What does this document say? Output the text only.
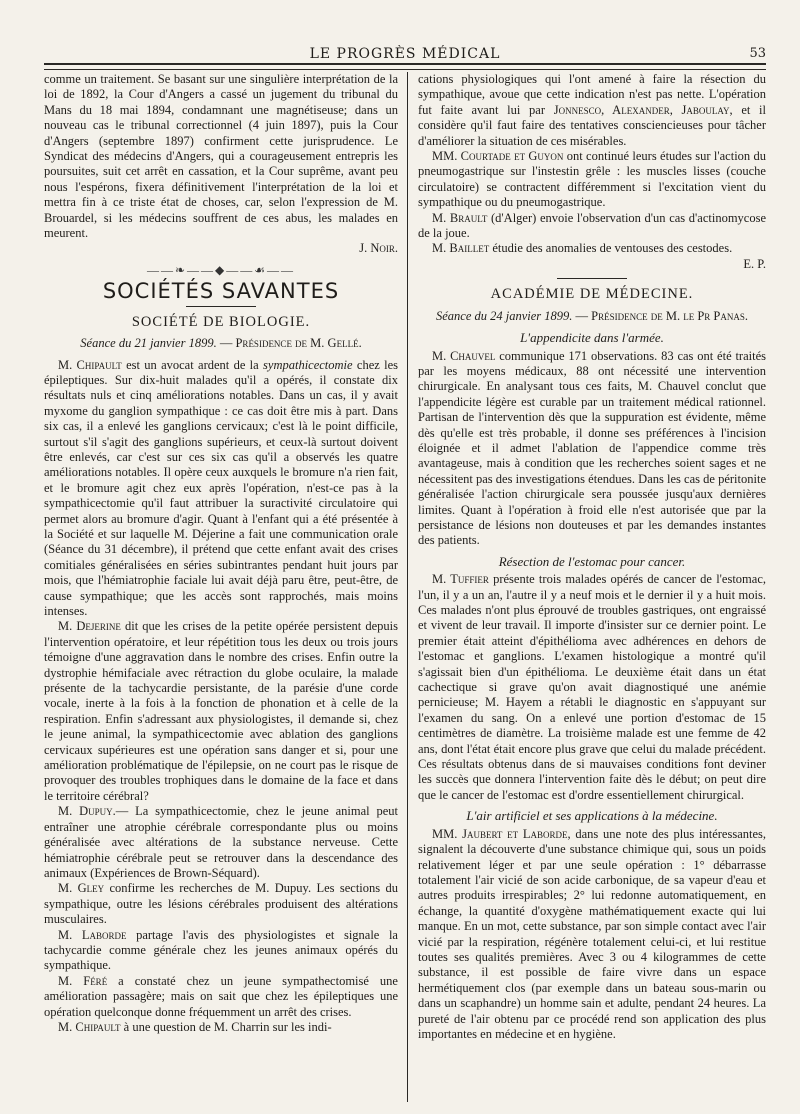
LE PROGRÈS MÉDICAL	53

comme un traitement. Se basant sur une singulière interprétation de la loi de 1892, la Cour d'Angers a cassé un jugement du tribunal du Mans du 18 mai 1894, condamnant une magnétiseuse; dans un nouveau cas le tribunal correctionnel (4 juin 1897), puis la Cour d'Angers (septembre 1897) confirment cette jurisprudence. Le Syndicat des médecins d'Angers, qui a courageusement entrepris les poursuites, suit cet arrêt en cassation, et la Cour suprême, avant peu nous l'espérons, fixera définitivement l'interprétation de la loi et mettra fin à ce triste état de choses, car, selon l'expression de M. Brouardel, si les médecins souffrent de ces abus, les malades en meurent.

J. Noir.

——❧——◆——☙——
SOCIÉTÉS SAVANTES
SOCIÉTÉ DE BIOLOGIE.
Séance du 21 janvier 1899. — Présidence de M. Gellé.

M. Chipault est un avocat ardent de la sympathicectomie chez les épileptiques. Sur dix-huit malades qu'il a opérés, il constate dix résultats nuls et cinq améliorations notables. Dans un cas, il y avait myxome du ganglion sympathique : ce cas doit être mis à part. Dans six cas, il a enlevé les ganglions cervicaux; c'est là le point difficile, surtout s'il s'agit des ganglions supérieurs, et ceux-là surtout doivent être enlevés, car c'est sur ces six cas qu'il a observés les quatre améliorations notables. Il opère ceux auxquels le bromure n'a rien fait, et le bromure agit chez eux après l'opération, n'est-ce pas à la sympathicectomie qu'il faut attribuer la suractivité circulatoire qui permet alors au bromure d'agir. Quant à l'enfant qui a été présentée à la Société et sur laquelle M. Déjerine a fait une communication orale (Séance du 31 décembre), il prétend que cette enfant avait des crises comitiales généralisées en séries subintrantes pendant huit jours par mois, que l'hémiatrophie faciale lui avait déjà paru être, peut-être, de cause sympathique; que les accès sont rapprochés, mais moins intenses.

M. Dejerine dit que les crises de la petite opérée persistent depuis l'intervention opératoire, et leur répétition tous les deux ou trois jours témoigne d'une aggravation dans le nombre des crises. Enfin outre la dystrophie hémifaciale avec rétraction du globe oculaire, la malade présente de la tachycardie persistante, de la parésie d'une corde vocale, inerte à la fois à la fonction de phonation et à celle de la respiration. Enfin s'adressant aux physiologistes, il demande si, chez le jeune animal, la sympathicectomie avec ablation des ganglions cervicaux supérieures est une opération sans danger et si, pour une amélioration problématique de l'épilepsie, on ne court pas le risque de provoquer des troubles trophiques dans le domaine de la face et dans le territoire cérébral?

M. Dupuy.— La sympathicectomie, chez le jeune animal peut entraîner une atrophie cérébrale correspondante plus ou moins généralisée avec altérations de la substance nerveuse. Cette hémiatrophie cérébrale peut se retrouver dans la descendance des animaux (Expériences de Brown-Séquard).

M. Gley confirme les recherches de M. Dupuy. Les sections du sympathique, outre les lésions cérébrales produisent des altérations musculaires.

M. Laborde partage l'avis des physiologistes et signale la tachycardie comme générale chez les jeunes animaux opérés du sympathique.

M. Féré a constaté chez un jeune sympathectomisé une amélioration passagère; mais on sait que chez les épileptiques une opération quelconque donne fréquemment un arrêt des crises.

M. Chipault à une question de M. Charrin sur les indi-

cations physiologiques qui l'ont amené à faire la résection du sympathique, avoue que cette indication n'est pas nette. L'opération fut faite avant lui par Jonnesco, Alexander, Jaboulay, et il considère qu'il faut faire des tentatives consciencieuses pour tâcher d'améliorer la situation de ces misérables.

MM. Courtade et Guyon ont continué leurs études sur l'action du pneumogastrique sur l'instestin grêle : les muscles lisses (couche circulatoire) se contractent différemment si l'excitation vient du sympathique ou du pneumogastrique.

M. Brault (d'Alger) envoie l'observation d'un cas d'actinomycose de la joue.

M. Baillet étudie des anomalies de ventouses des cestodes.

E. P.

ACADÉMIE DE MÉDECINE.
Séance du 24 janvier 1899. — Présidence de M. le Pr Panas.
L'appendicite dans l'armée.

M. Chauvel communique 171 observations. 83 cas ont été traités par les moyens médicaux, 88 ont nécessité une intervention chirurgicale. En analysant tous ces faits, M. Chauvel conclut que l'appendicite légère est curable par un traitement médical rationnel. Partisan de l'intervention dès que la suppuration est évidente, même dès qu'elle est très probable, il donne ses préférences à l'incision éloignée et il admet l'ablation de l'appendice comme très avantageuse, mais à condition que les recherches soient sages et ne nécessitent pas des investigations étendues. Dans les cas de péritonite généralisée l'action chirurgicale sera poussée jusqu'aux dernières limites. Quant à l'opération à froid elle n'est autorisée que par la persistance de lésions non douteuses et par les demandes instantes des patients.

Résection de l'estomac pour cancer.

M. Tuffier présente trois malades opérés de cancer de l'estomac, l'un, il y a un an, l'autre il y a neuf mois et le dernier il y a huit mois. Ces malades n'ont plus éprouvé de troubles gastriques, ont engraissé et vivent de leur travail. Il importe d'insister sur ce dernier point. Le premier était atteint d'épithélioma avec adhérences en dehors de l'estomac et ganglions. L'examen histologique a montré qu'il s'agissait bien d'un épithélioma. Le deuxième était dans un état cachectique si grave qu'on avait diagnostiqué une anémie pernicieuse; M. Hayem a rétabli le diagnostic en s'appuyant sur l'examen du sang. On a enlevé une portion d'estomac de 15 centimètres de diamètre. La troisième malade est une femme de 42 ans, dont l'état était encore plus grave que celui du malade précédent. Ces résultats obtenus dans de si mauvaises conditions font deviner les succès que donnera l'intervention faite dès le début; on peut dire que le cancer de l'estomac est d'ordre essentiellement chirurgical.

L'air artificiel et ses applications à la médecine.

MM. Jaubert et Laborde, dans une note des plus intéressantes, signalent la découverte d'une substance chimique qui, sous un poids relativement léger et par une seule opération : 1° débarrasse totalement l'air vicié de son acide carbonique, de sa vapeur d'eau et autres produits irrespirables; 2° lui redonne automatiquement, en échange, la quantité d'oxygène mathématiquement exacte qui lui manque. En un mot, cette substance, par son simple contact avec l'air vicié par la respiration, régénère totalement celui-ci, et lui restitue toutes ses qualités premières. Avec 3 ou 4 kilogrammes de cette substance, il est possible de faire vivre dans un espace hermétiquement clos (par exemple dans un bateau sous-marin ou dans un scaphandre) un homme sain et adulte, pendant 24 heures. La pureté de l'air obtenu par ce procédé rend son application des plus importantes en médecine et en hygiène.
